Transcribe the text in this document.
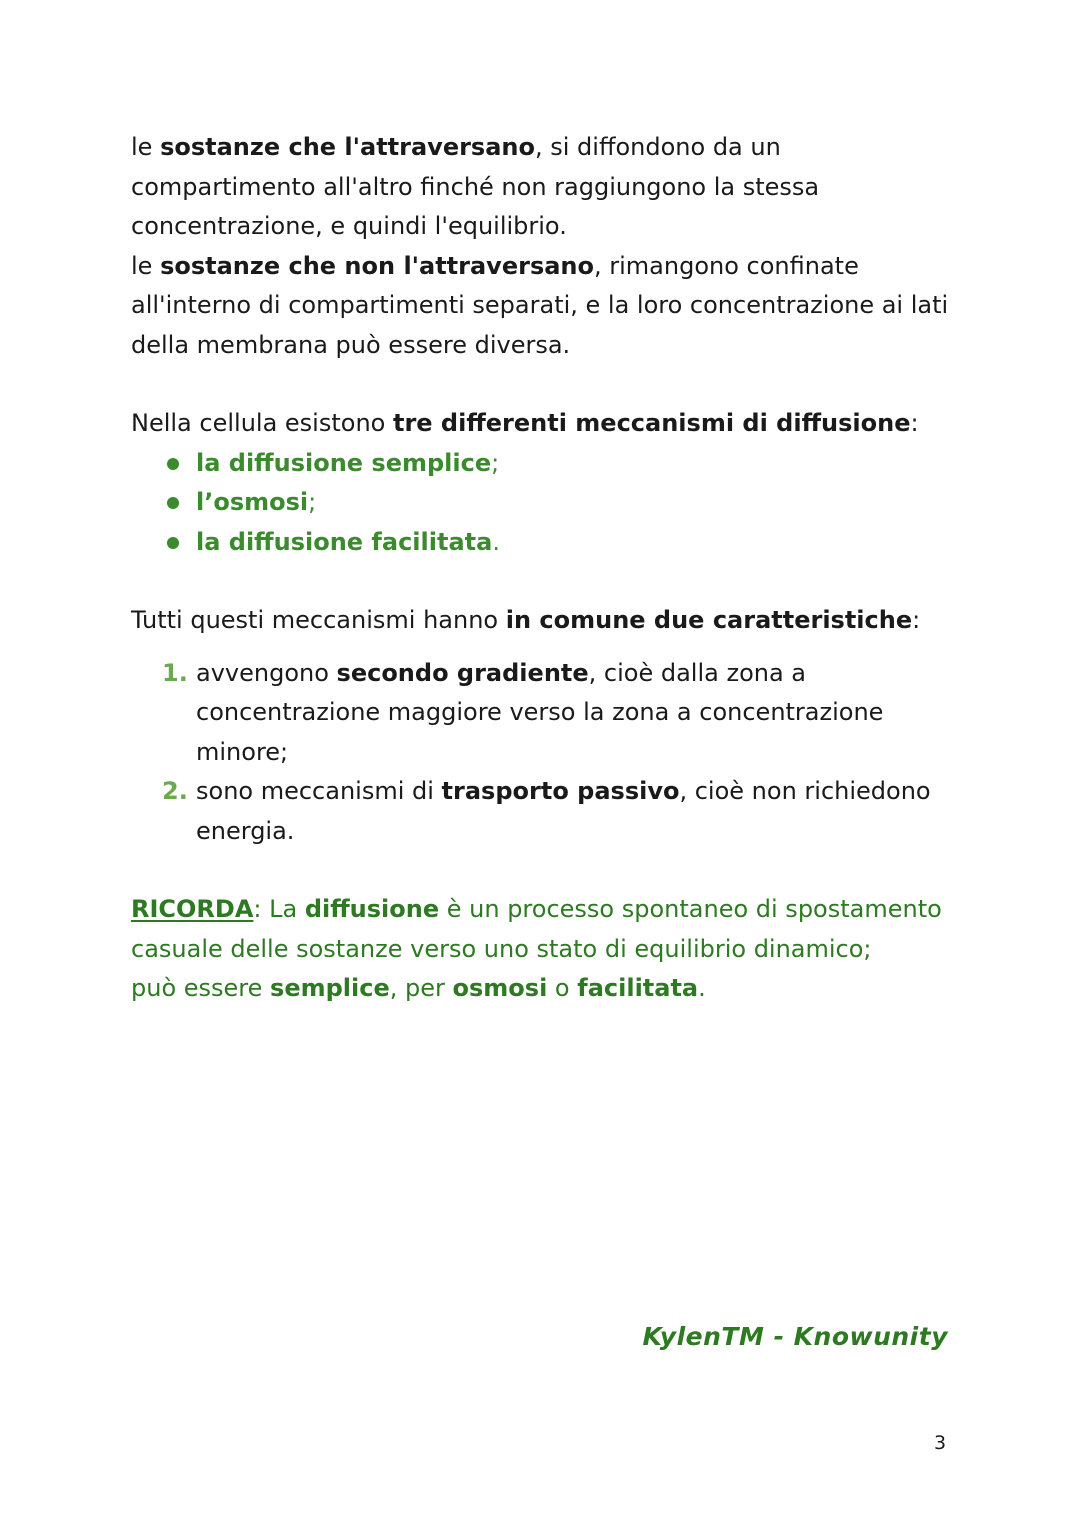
le sostanze che l'attraversano, si diffondono da un compartimento all'altro finché non raggiungono la stessa concentrazione, e quindi l'equilibrio.

le sostanze che non l'attraversano, rimangono confinate all'interno di compartimenti separati, e la loro concentrazione ai lati della membrana può essere diversa.

Nella cellula esistono tre differenti meccanismi di diffusione:

la diffusione semplice;
l’osmosi;
la diffusione facilitata.

Tutti questi meccanismi hanno in comune due caratteristiche:

1. avvengono secondo gradiente, cioè dalla zona a concentrazione maggiore verso la zona a concentrazione minore;
2. sono meccanismi di trasporto passivo, cioè non richiedono energia.

RICORDA: La diffusione è un processo spontaneo di spostamento casuale delle sostanze verso uno stato di equilibrio dinamico;
può essere semplice, per osmosi o facilitata.

KylenTM - Knowunity
3
